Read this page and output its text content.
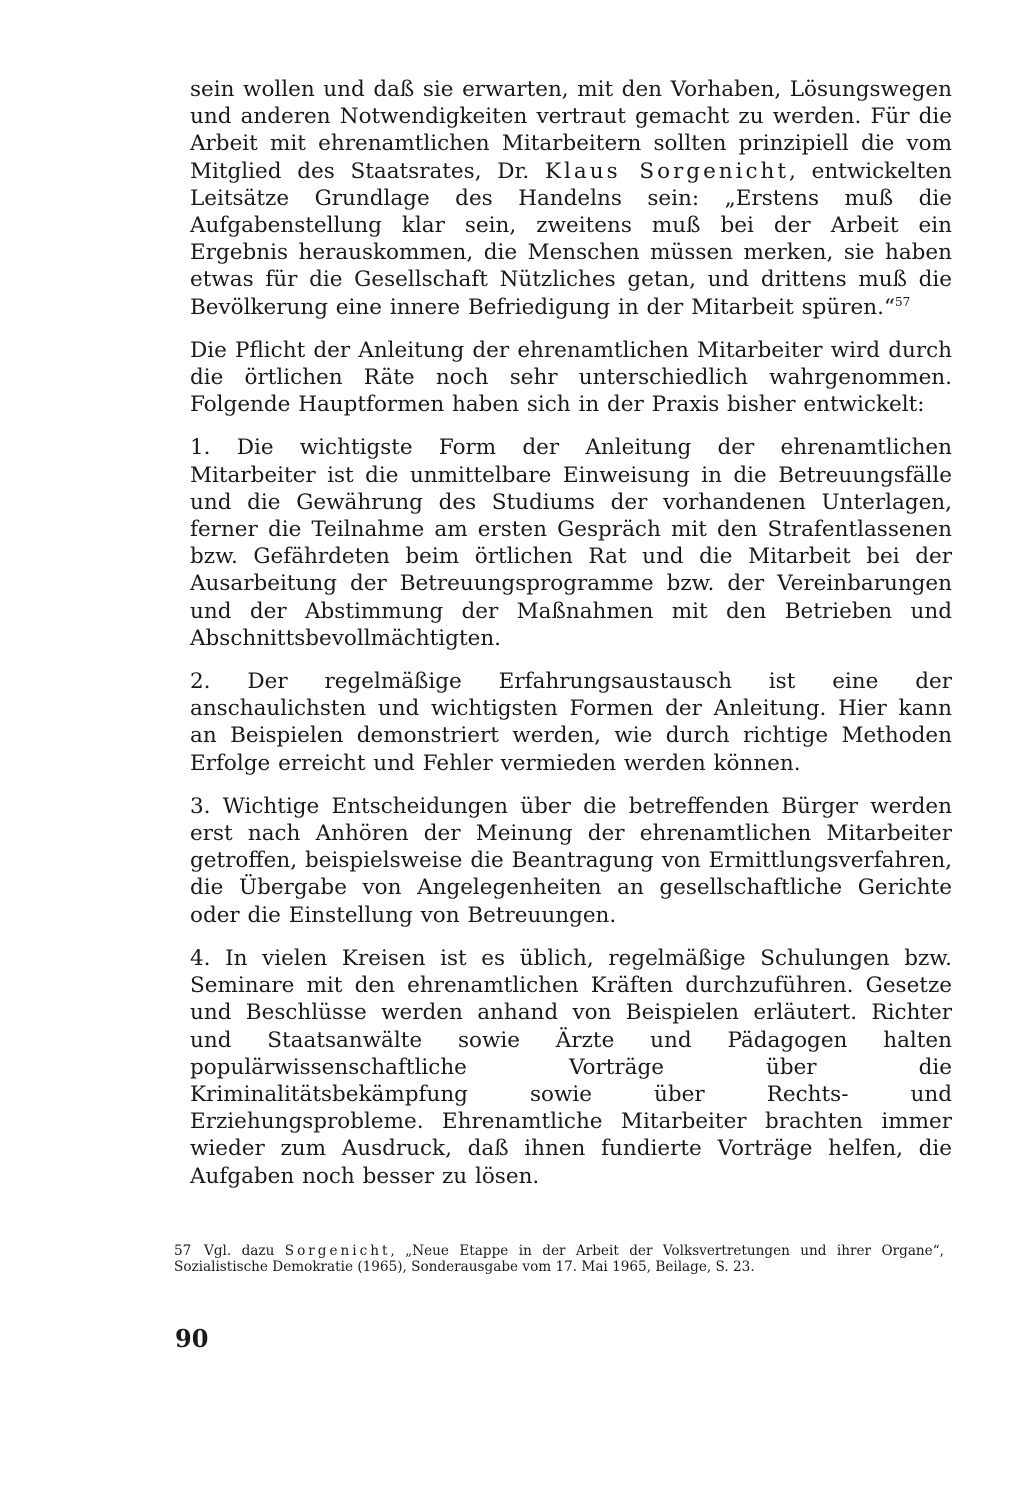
sein wollen und daß sie erwarten, mit den Vorhaben, Lösungswegen und anderen Notwendigkeiten vertraut gemacht zu werden. Für die Arbeit mit ehrenamtlichen Mitarbeitern sollten prinzipiell die vom Mitglied des Staatsrates, Dr. Klaus Sorgenicht, entwickelten Leitsätze Grundlage des Handelns sein: „Erstens muß die Aufgabenstellung klar sein, zweitens muß bei der Arbeit ein Ergebnis herauskommen, die Menschen müssen merken, sie haben etwas für die Gesellschaft Nützliches getan, und drittens muß die Bevölkerung eine innere Befriedigung in der Mitarbeit spüren.“$^{57}$

Die Pflicht der Anleitung der ehrenamtlichen Mitarbeiter wird durch die örtlichen Räte noch sehr unterschiedlich wahrgenommen. Folgende Hauptformen haben sich in der Praxis bisher entwickelt:

1. Die wichtigste Form der Anleitung der ehrenamtlichen Mitarbeiter ist die unmittelbare Einweisung in die Betreuungsfälle und die Gewährung des Studiums der vorhandenen Unterlagen, ferner die Teilnahme am ersten Gespräch mit den Strafentlassenen bzw. Gefährdeten beim örtlichen Rat und die Mitarbeit bei der Ausarbeitung der Betreuungsprogramme bzw. der Vereinbarungen und der Abstimmung der Maßnahmen mit den Betrieben und Abschnittsbevollmächtigten.

2. Der regelmäßige Erfahrungsaustausch ist eine der anschaulichsten und wichtigsten Formen der Anleitung. Hier kann an Beispielen demonstriert werden, wie durch richtige Methoden Erfolge erreicht und Fehler vermieden werden können.

3. Wichtige Entscheidungen über die betreffenden Bürger werden erst nach Anhören der Meinung der ehrenamtlichen Mitarbeiter getroffen, beispielsweise die Beantragung von Ermittlungsverfahren, die Übergabe von Angelegenheiten an gesellschaftliche Gerichte oder die Einstellung von Betreuungen.

4. In vielen Kreisen ist es üblich, regelmäßige Schulungen bzw. Seminare mit den ehrenamtlichen Kräften durchzuführen. Gesetze und Beschlüsse werden anhand von Beispielen erläutert. Richter und Staatsanwälte sowie Ärzte und Pädagogen halten populärwissenschaftliche Vorträge über die Kriminalitätsbekämpfung sowie über Rechts- und Erziehungsprobleme. Ehrenamtliche Mitarbeiter brachten immer wieder zum Ausdruck, daß ihnen fundierte Vorträge helfen, die Aufgaben noch besser zu lösen.

57 Vgl. dazu Sorgenicht, „Neue Etappe in der Arbeit der Volksvertretungen und ihrer Organe“, Sozialistische Demokratie (1965), Sonderausgabe vom 17. Mai 1965, Beilage, S. 23.
90
